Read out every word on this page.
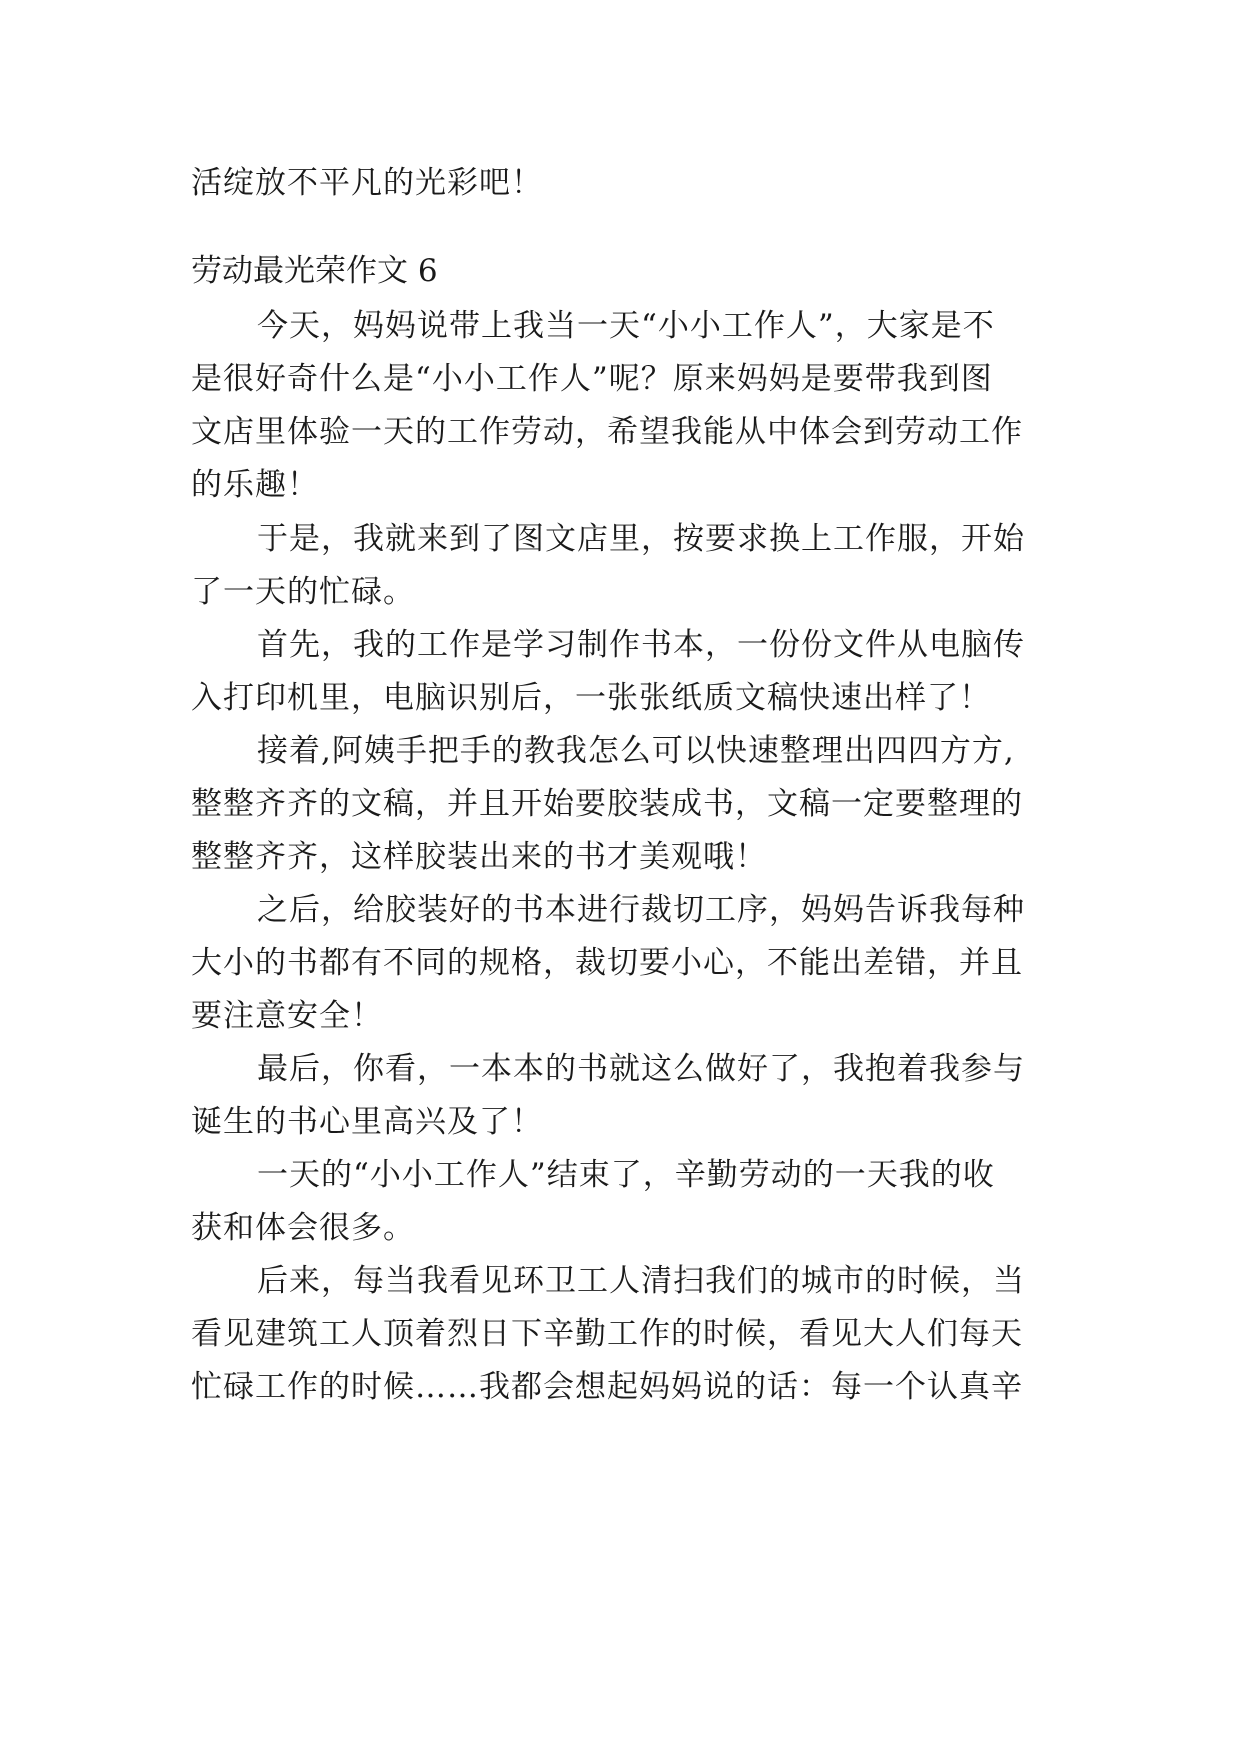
活绽放不平凡的光彩吧！
劳动最光荣作文 6
今天，妈妈说带上我当一天“小小工作人”，大家是不
是很好奇什么是“小小工作人”呢？原来妈妈是要带我到图
文店里体验一天的工作劳动，希望我能从中体会到劳动工作
的乐趣！
于是，我就来到了图文店里，按要求换上工作服，开始
了一天的忙碌。
首先，我的工作是学习制作书本，一份份文件从电脑传
入打印机里，电脑识别后，一张张纸质文稿快速出样了！
接着,阿姨手把手的教我怎么可以快速整理出四四方方,
整整齐齐的文稿，并且开始要胶装成书，文稿一定要整理的
整整齐齐，这样胶装出来的书才美观哦！
之后，给胶装好的书本进行裁切工序，妈妈告诉我每种
大小的书都有不同的规格，裁切要小心，不能出差错，并且
要注意安全！
最后，你看，一本本的书就这么做好了，我抱着我参与
诞生的书心里高兴及了！
一天的“小小工作人”结束了，辛勤劳动的一天我的收
获和体会很多。
后来，每当我看见环卫工人清扫我们的城市的时候，当
看见建筑工人顶着烈日下辛勤工作的时候，看见大人们每天
忙碌工作的时候……我都会想起妈妈说的话：每一个认真辛
